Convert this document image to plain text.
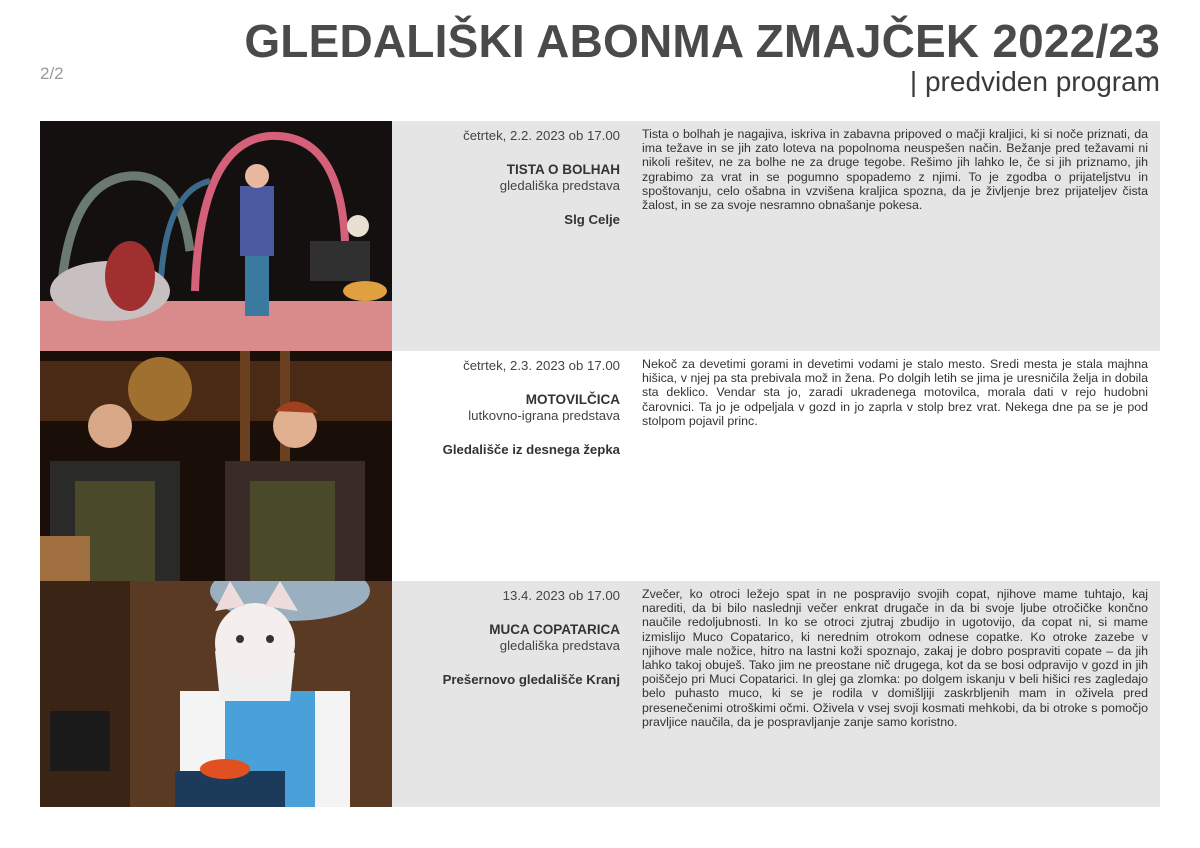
2/2
GLEDALIŠKI ABONMA ZMAJČEK 2022/23
| predviden program
četrtek, 2.2. 2023 ob 17.00
TISTA O BOLHAH
gledališka predstava
Slg Celje
Tista o bolhah je nagajiva, iskriva in zabavna pripoved o mačji kraljici, ki si noče priznati, da ima težave in se jih zato loteva na popolnoma neuspešen način. Bežanje pred težavami ni nikoli rešitev, ne za bolhe ne za druge tegobe. Rešimo jih lahko le, če si jih priznamo, jih zgrabimo za vrat in se pogumno spopademo z njimi. To je zgodba o prijateljstvu in spoštovanju, celo ošabna in vzvišena kraljica spozna, da je življenje brez prijateljev čista žalost, in se za svoje nesramno obnašanje pokesa.
četrtek, 2.3. 2023 ob 17.00
MOTOVILČICA
lutkovno-igrana predstava
Gledališče iz desnega žepka
Nekoč za devetimi gorami in devetimi vodami je stalo mesto. Sredi mesta je stala majhna hišica, v njej pa sta prebivala mož in žena. Po dolgih letih se jima je uresničila želja in dobila sta deklico. Vendar sta jo, zaradi ukradenega motovilca, morala dati v rejo hudobni čarovnici. Ta jo je odpeljala v gozd in jo zaprla v stolp brez vrat. Nekega dne pa se je pod stolpom pojavil princ.
13.4. 2023 ob 17.00
MUCA COPATARICA
gledališka predstava
Prešernovo gledališče Kranj
Zvečer, ko otroci ležejo spat in ne pospravijo svojih copat, njihove mame tuhtajo, kaj narediti, da bi bilo naslednji večer enkrat drugače in da bi svoje ljube otročičke končno naučile redoljubnosti. In ko se otroci zjutraj zbudijo in ugotovijo, da copat ni, si mame izmislijo Muco Copatarico, ki nerednim otrokom odnese copatke. Ko otroke zazebe v njihove male nožice, hitro na lastni koži spoznajo, zakaj je dobro pospraviti copate – da jih lahko takoj obuješ. Tako jim ne preostane nič drugega, kot da se bosi odpravijo v gozd in jih poiščejo pri Muci Copatarici. In glej ga zlomka: po dolgem iskanju v beli hišici res zagledajo belo puhasto muco, ki se je rodila v domišljiji zaskrbljenih mam in oživela pred presenečenimi otroškimi očmi. Oživela v vsej svoji kosmati mehkobi, da bi otroke s pomočjo pravljice naučila, da je pospravljanje zanje samo koristno.
